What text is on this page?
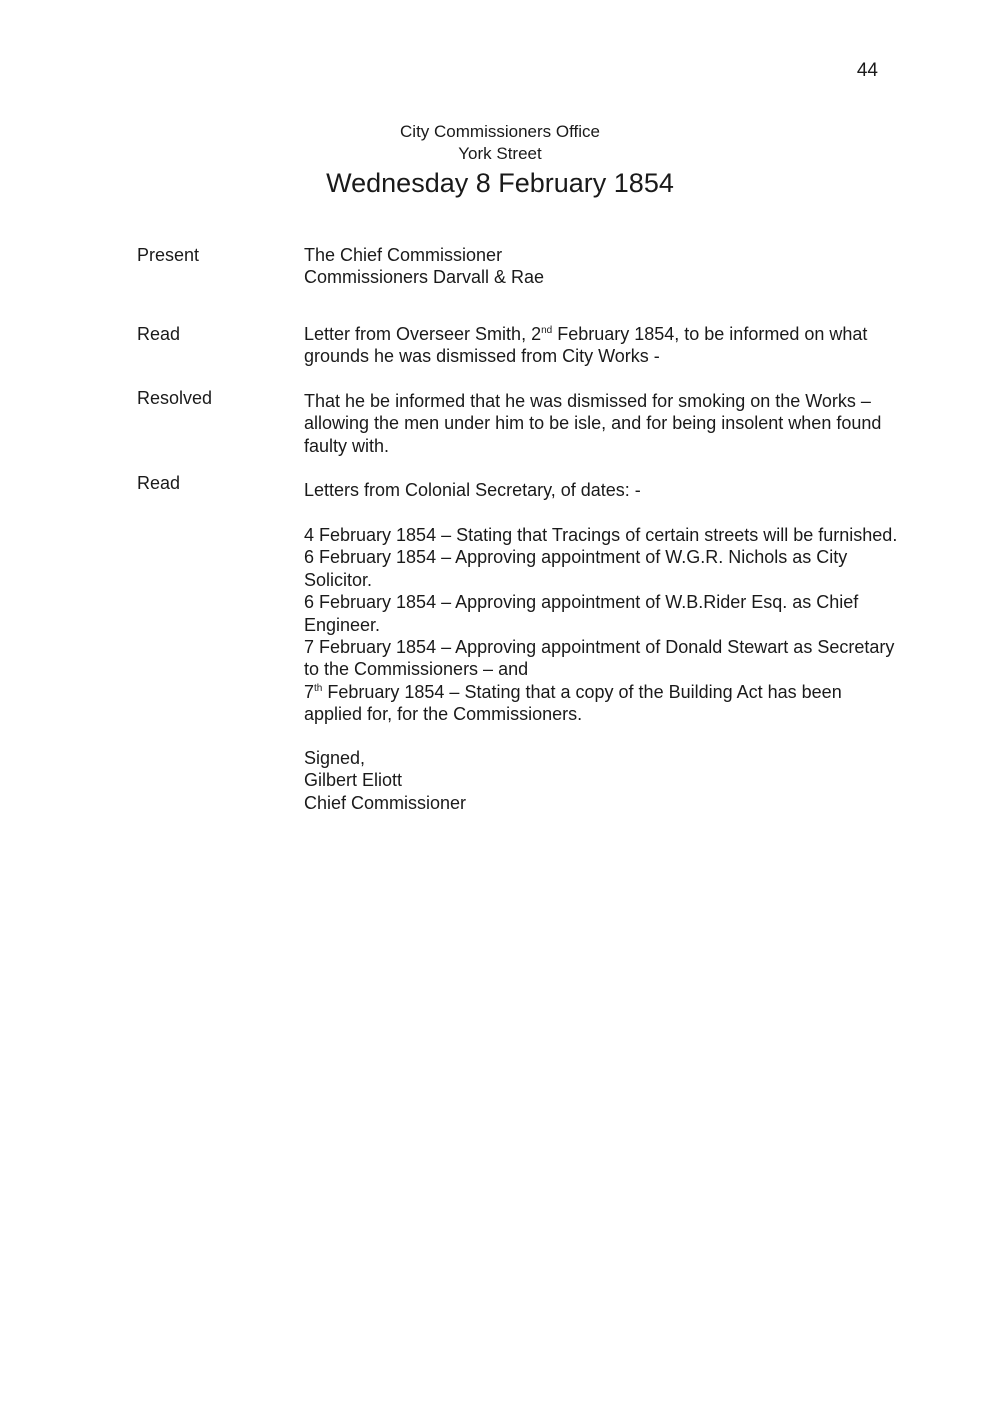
44
City Commissioners Office
York Street
Wednesday 8 February 1854
Present	The Chief Commissioner
Commissioners Darvall & Rae
Read	Letter from Overseer Smith, 2nd February 1854, to be informed on what
grounds he was dismissed from City Works -
Resolved	That he be informed that he was dismissed for smoking on the Works –
allowing the men under him to be isle, and for being insolent when found
faulty with.
Read	Letters from Colonial Secretary, of dates: -
4 February 1854 – Stating that Tracings of certain streets will be furnished.
6 February 1854 – Approving appointment of W.G.R. Nichols as City
Solicitor.
6 February 1854 – Approving appointment of W.B.Rider Esq. as Chief
Engineer.
7 February 1854 – Approving appointment of Donald Stewart as Secretary
to the Commissioners – and
7th February 1854 – Stating that a copy of the Building Act has been
applied for, for the Commissioners.
Signed,
Gilbert Eliott
Chief Commissioner
